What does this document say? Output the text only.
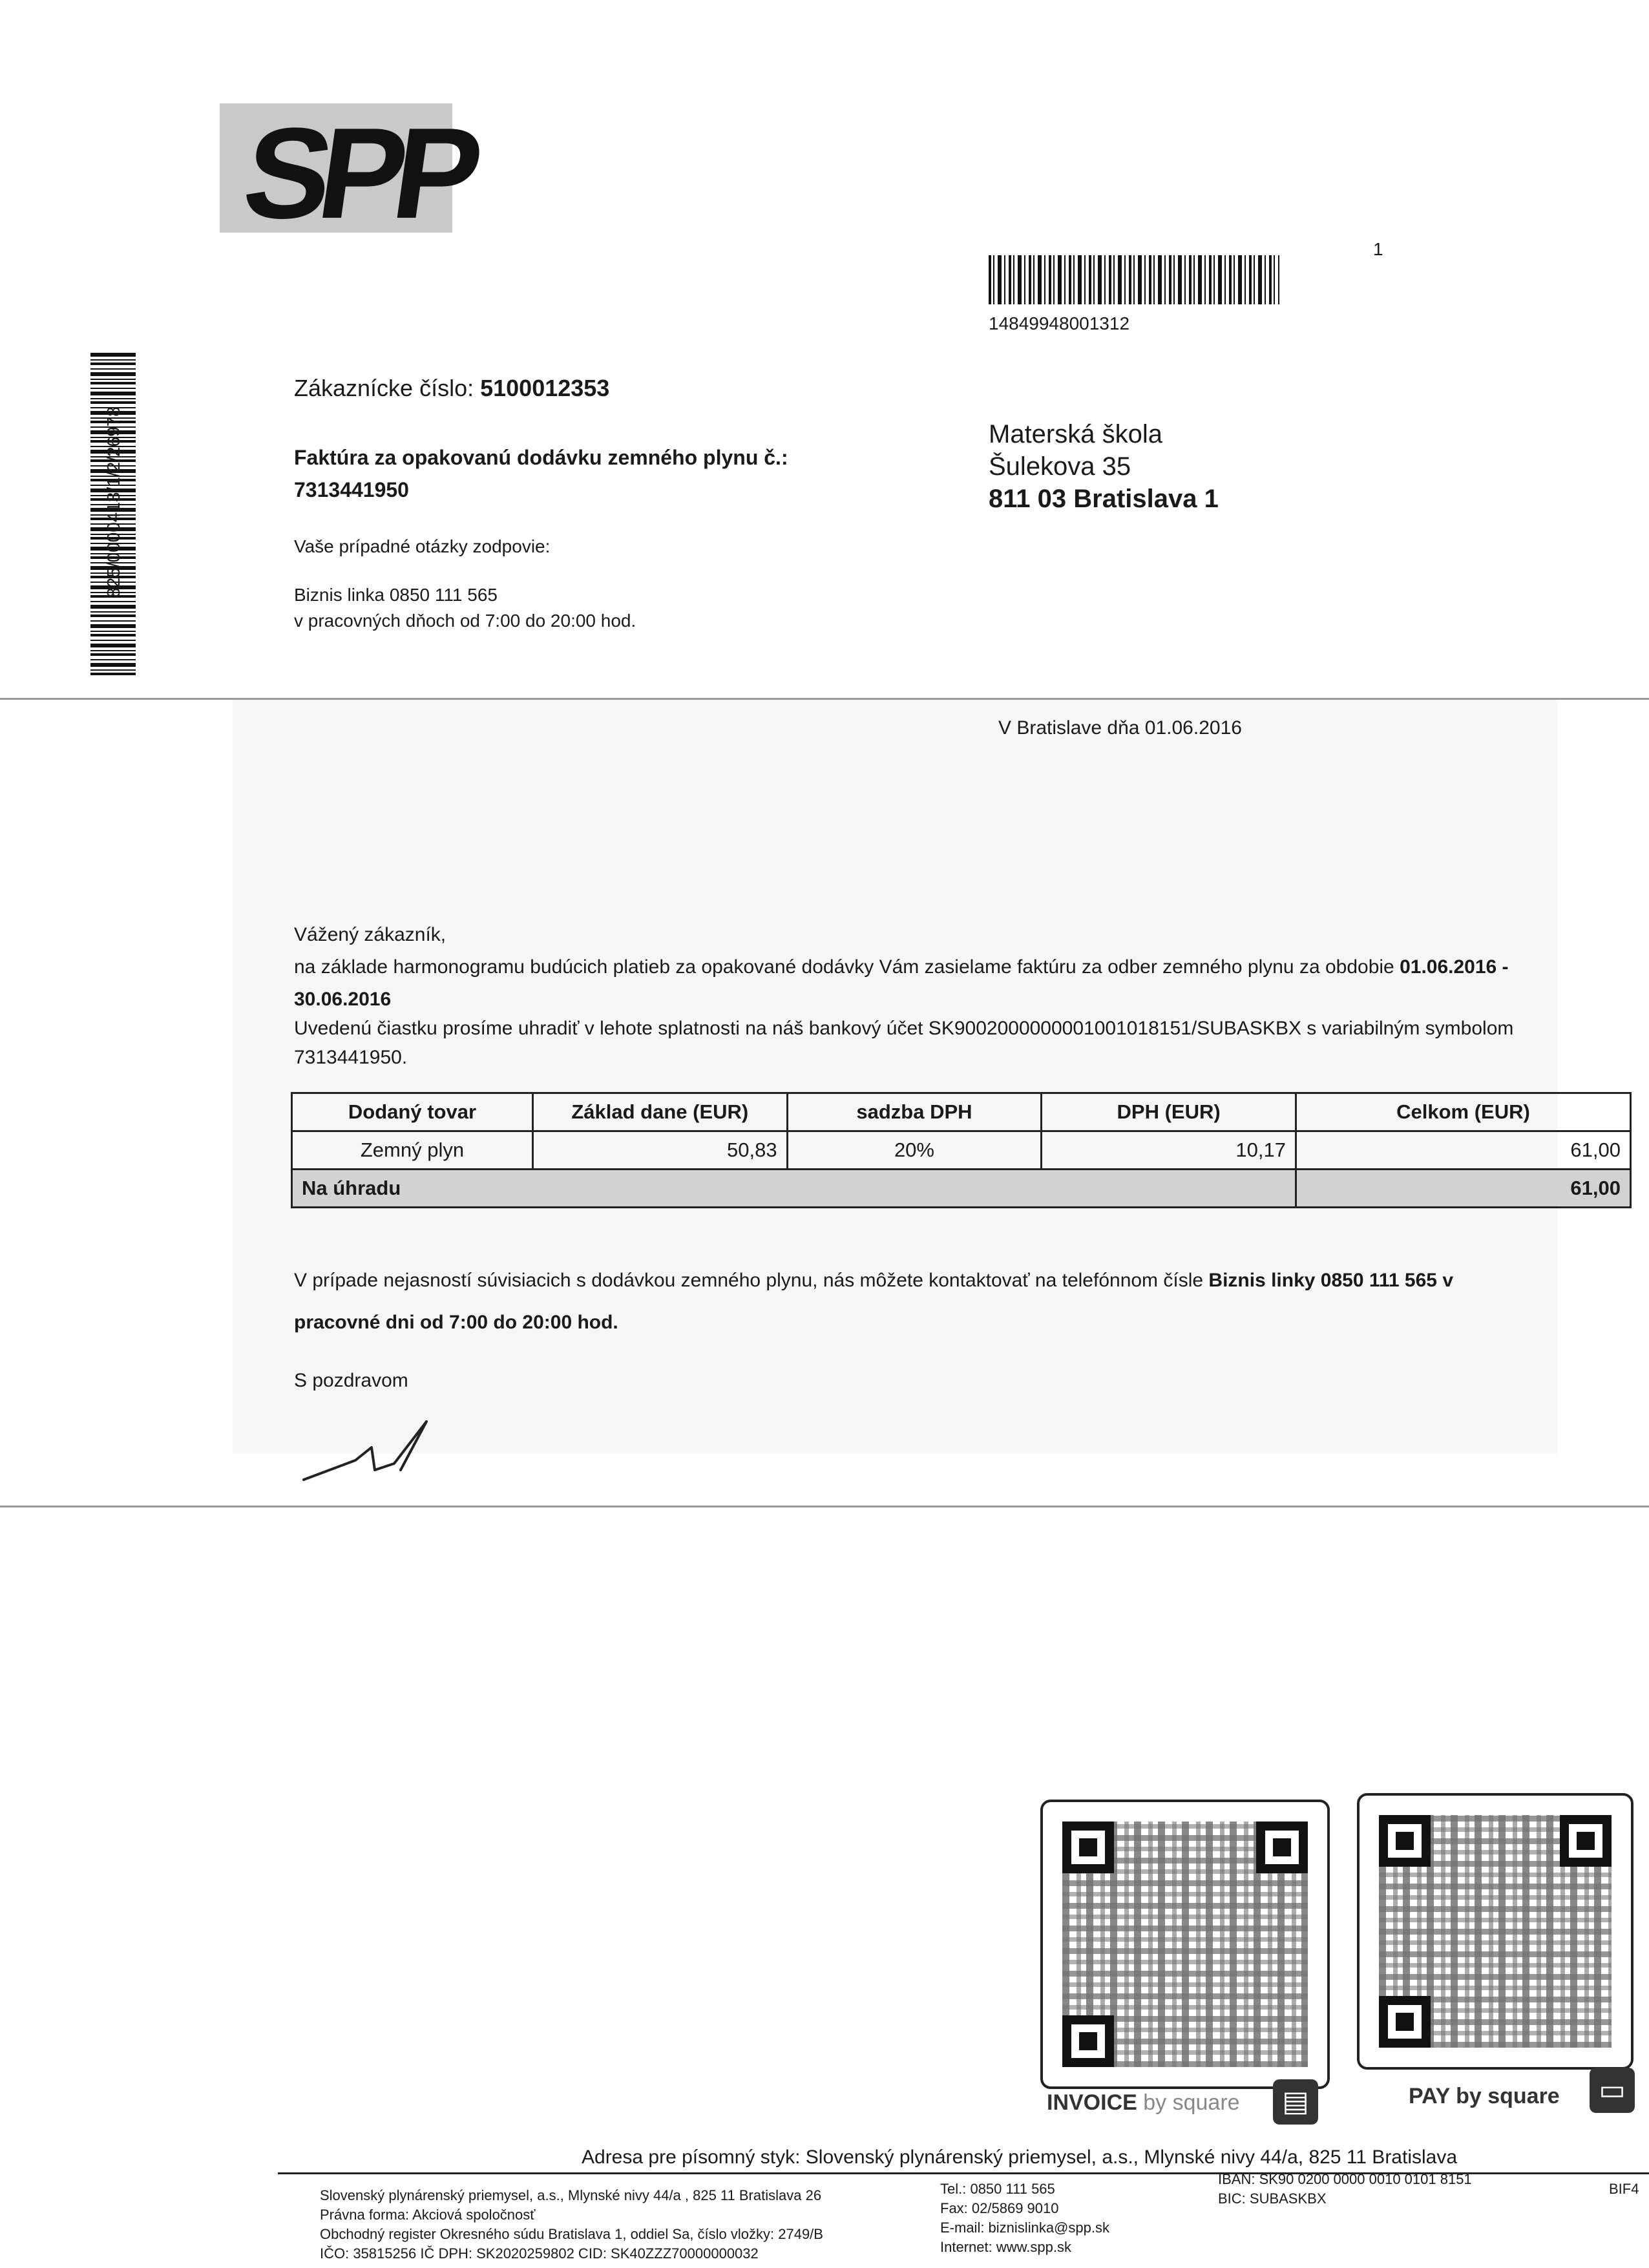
SPP
1
14849948001312
825/0000413/1/2/26978
Zákaznícke číslo: 5100012353
Faktúra za opakovanú dodávku zemného plynu č.:
7313441950
Vaše prípadné otázky zodpovie:
Biznis linka 0850 111 565
v pracovných dňoch od 7:00 do 20:00 hod.
Materská škola
Šulekova 35
811 03 Bratislava 1
V Bratislave dňa 01.06.2016
Vážený zákazník,
na základe harmonogramu budúcich platieb za opakované dodávky Vám zasielame faktúru za odber zemného plynu za obdobie 01.06.2016 -
30.06.2016
Uvedenú čiastku prosíme uhradiť v lehote splatnosti na náš bankový účet SK9002000000001001018151/SUBASKBX s variabilným symbolom
7313441950.
Dodaný tovar	Základ dane (EUR)	sadzba DPH	DPH (EUR)	Celkom (EUR)
Zemný plyn	50,83	20%	10,17	61,00
Na úhradu				61,00
V prípade nejasností súvisiacich s dodávkou zemného plynu, nás môžete kontaktovať na telefónnom čísle Biznis linky 0850 111 565 v
pracovné dni od 7:00 do 20:00 hod.
S pozdravom
INVOICE by square	▤	PAY by square	▭
Adresa pre písomný styk: Slovenský plynárenský priemysel, a.s., Mlynské nivy 44/a, 825 11 Bratislava
Slovenský plynárenský priemysel, a.s., Mlynské nivy 44/a , 825 11 Bratislava 26
Právna forma: Akciová spoločnosť
Obchodný register Okresného súdu Bratislava 1, oddiel Sa, číslo vložky: 2749/B
IČO: 35815256 IČ DPH: SK2020259802 CID: SK40ZZZ70000000032
Tel.: 0850 111 565
Fax: 02/5869 9010
E-mail: biznislinka@spp.sk
Internet: www.spp.sk
IBAN: SK90 0200 0000 0010 0101 8151
BIC: SUBASKBX
BIF4
